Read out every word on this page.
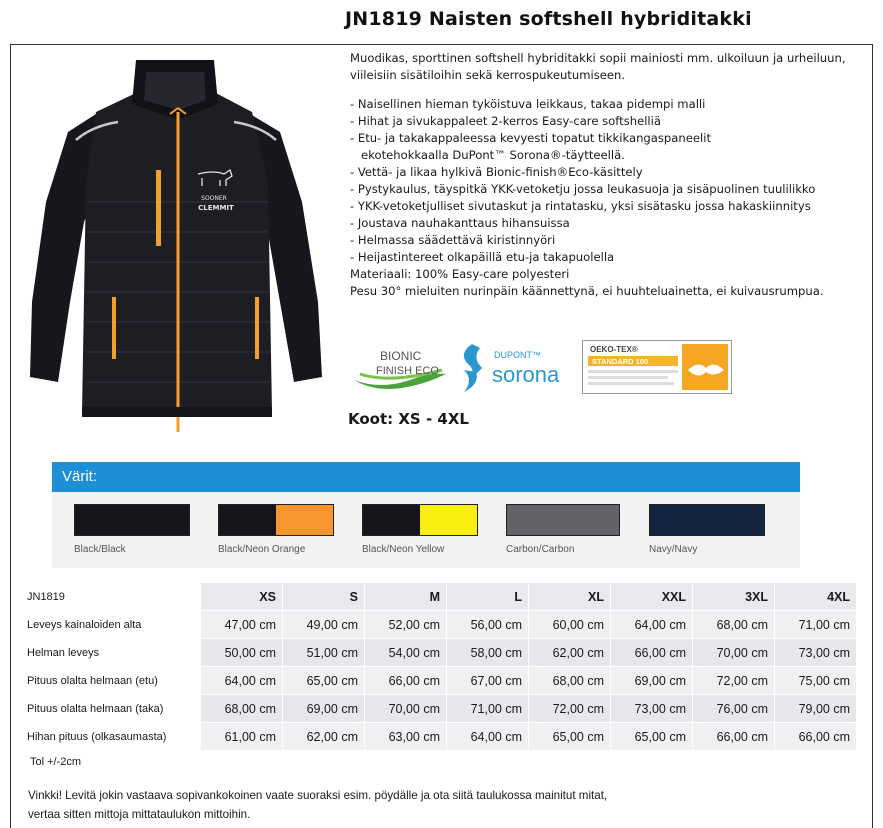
JN1819 Naisten softshell hybriditakki
SOONER
CLEMMIT

Muodikas, sporttinen softshell hybriditakki sopii mainiosti mm. ulkoiluun ja urheiluun, viileisiin sisätiloihin sekä kerrospukeutumiseen.

- Naisellinen hieman tyköistuva leikkaus, takaa pidempi malli
- Hihat ja sivukappaleet 2-kerros Easy-care softshelliä
- Etu- ja takakappaleessa kevyesti topatut tikkikangaspaneelit
ekotehokkaalla DuPont™ Sorona®-täytteellä.
- Vettä- ja likaa hylkivä Bionic-finish®Eco-käsittely
- Pystykaulus, täyspitkä YKK-vetoketju jossa leukasuoja ja sisäpuolinen tuulilikko
- YKK-vetoketjulliset sivutaskut ja rintatasku, yksi sisätasku jossa hakaskiinnitys
- Joustava nauhakanttaus hihansuissa
- Helmassa säädettävä kiristinnyöri
- Heijastintereet olkapäillä etu-ja takapuolella
Materiaali: 100% Easy-care polyesteri
Pesu 30° mieluiten nurinpäin käännettynä, ei huuhteluainetta, ei kuivausrumpua.
BIONIC
FINISH ECO
DUPONT™
sorona
OEKO-TEX®
STANDARD 100
Koot: XS - 4XL
Värit:
Black/Black	Black/Neon Orange	Black/Neon Yellow	Carbon/Carbon	Navy/Navy
JN1819	XS	S	M	L	XL	XXL	3XL	4XL
Leveys kainaloiden alta	47,00 cm	49,00 cm	52,00 cm	56,00 cm	60,00 cm	64,00 cm	68,00 cm	71,00 cm
Helman leveys	50,00 cm	51,00 cm	54,00 cm	58,00 cm	62,00 cm	66,00 cm	70,00 cm	73,00 cm
Pituus olalta helmaan (etu)	64,00 cm	65,00 cm	66,00 cm	67,00 cm	68,00 cm	69,00 cm	72,00 cm	75,00 cm
Pituus olalta helmaan (taka)	68,00 cm	69,00 cm	70,00 cm	71,00 cm	72,00 cm	73,00 cm	76,00 cm	79,00 cm
Hihan pituus (olkasaumasta)	61,00 cm	62,00 cm	63,00 cm	64,00 cm	65,00 cm	65,00 cm	66,00 cm	66,00 cm
Tol +/-2cm
Vinkki! Levitä jokin vastaava sopivankokoinen vaate suoraksi esim. pöydälle ja ota siitä taulukossa mainitut mitat,
vertaa sitten mittoja mittataulukon mittoihin.
